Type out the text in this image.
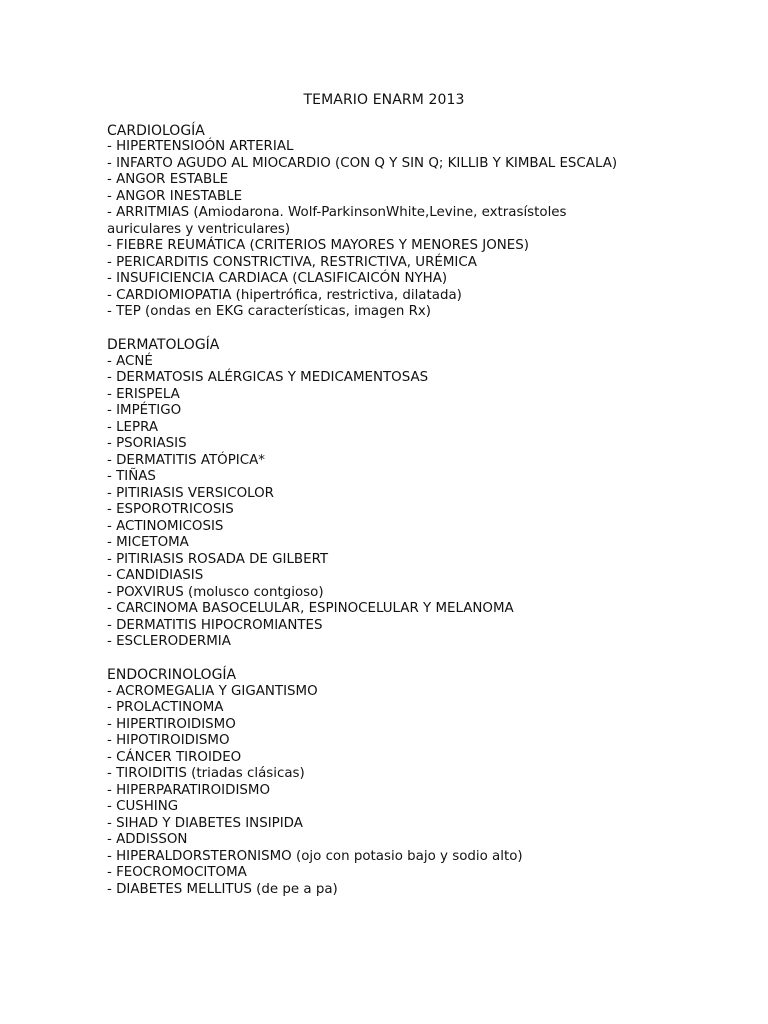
TEMARIO ENARM 2013
CARDIOLOGÍA
- HIPERTENSIOÓN ARTERIAL
- INFARTO AGUDO AL MIOCARDIO (CON Q Y SIN Q; KILLIB Y KIMBAL ESCALA)
- ANGOR ESTABLE
- ANGOR INESTABLE
- ARRITMIAS (Amiodarona. Wolf-ParkinsonWhite,Levine, extrasístoles auriculares y ventriculares)
- FIEBRE REUMÁTICA (CRITERIOS MAYORES Y MENORES JONES)
- PERICARDITIS CONSTRICTIVA, RESTRICTIVA, URÉMICA
- INSUFICIENCIA CARDIACA (CLASIFICAICÓN NYHA)
- CARDIOMIOPATIA (hipertrófica, restrictiva, dilatada)
- TEP (ondas en EKG características, imagen Rx)
DERMATOLOGÍA
- ACNÉ
- DERMATOSIS ALÉRGICAS Y MEDICAMENTOSAS
- ERISPELA
- IMPÉTIGO
- LEPRA
- PSORIASIS
- DERMATITIS ATÓPICA*
- TIÑAS
- PITIRIASIS VERSICOLOR
- ESPOROTRICOSIS
- ACTINOMICOSIS
- MICETOMA
- PITIRIASIS ROSADA DE GILBERT
- CANDIDIASIS
- POXVIRUS (molusco contgioso)
- CARCINOMA BASOCELULAR, ESPINOCELULAR Y MELANOMA
- DERMATITIS HIPOCROMIANTES
- ESCLERODERMIA
ENDOCRINOLOGÍA
- ACROMEGALIA Y GIGANTISMO
- PROLACTINOMA
- HIPERTIROIDISMO
- HIPOTIROIDISMO
- CÁNCER TIROIDEO
- TIROIDITIS (triadas clásicas)
- HIPERPARATIROIDISMO
- CUSHING
- SIHAD Y DIABETES INSIPIDA
- ADDISSON
- HIPERALDORSTERONISMO (ojo con potasio bajo y sodio alto)
- FEOCROMOCITOMA
- DIABETES MELLITUS (de pe a pa)
